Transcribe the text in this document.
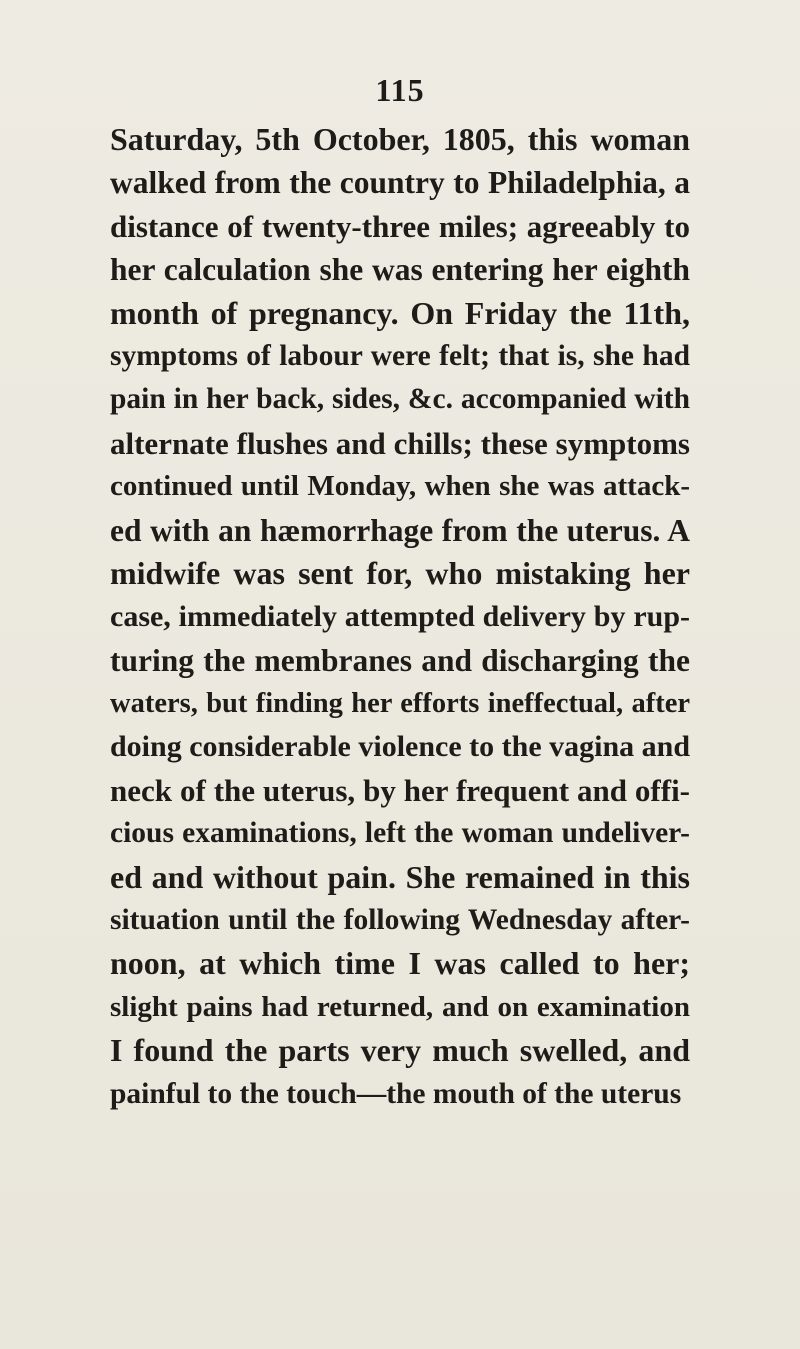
115
Saturday, 5th October, 1805, this woman
walked from the country to Philadelphia, a
distance of twenty-three miles; agreeably to
her calculation she was entering her eighth
month of pregnancy. On Friday the 11th,
symptoms of labour were felt; that is, she had
pain in her back, sides, &c. accompanied with
alternate flushes and chills; these symptoms
continued until Monday, when she was attack-
ed with an hæmorrhage from the uterus. A
midwife was sent for, who mistaking her
case, immediately attempted delivery by rup-
turing the membranes and discharging the
waters, but finding her efforts ineffectual, after
doing considerable violence to the vagina and
neck of the uterus, by her frequent and offi-
cious examinations, left the woman undeliver-
ed and without pain. She remained in this
situation until the following Wednesday after-
noon, at which time I was called to her;
slight pains had returned, and on examination
I found the parts very much swelled, and
painful to the touch—the mouth of the uterus
